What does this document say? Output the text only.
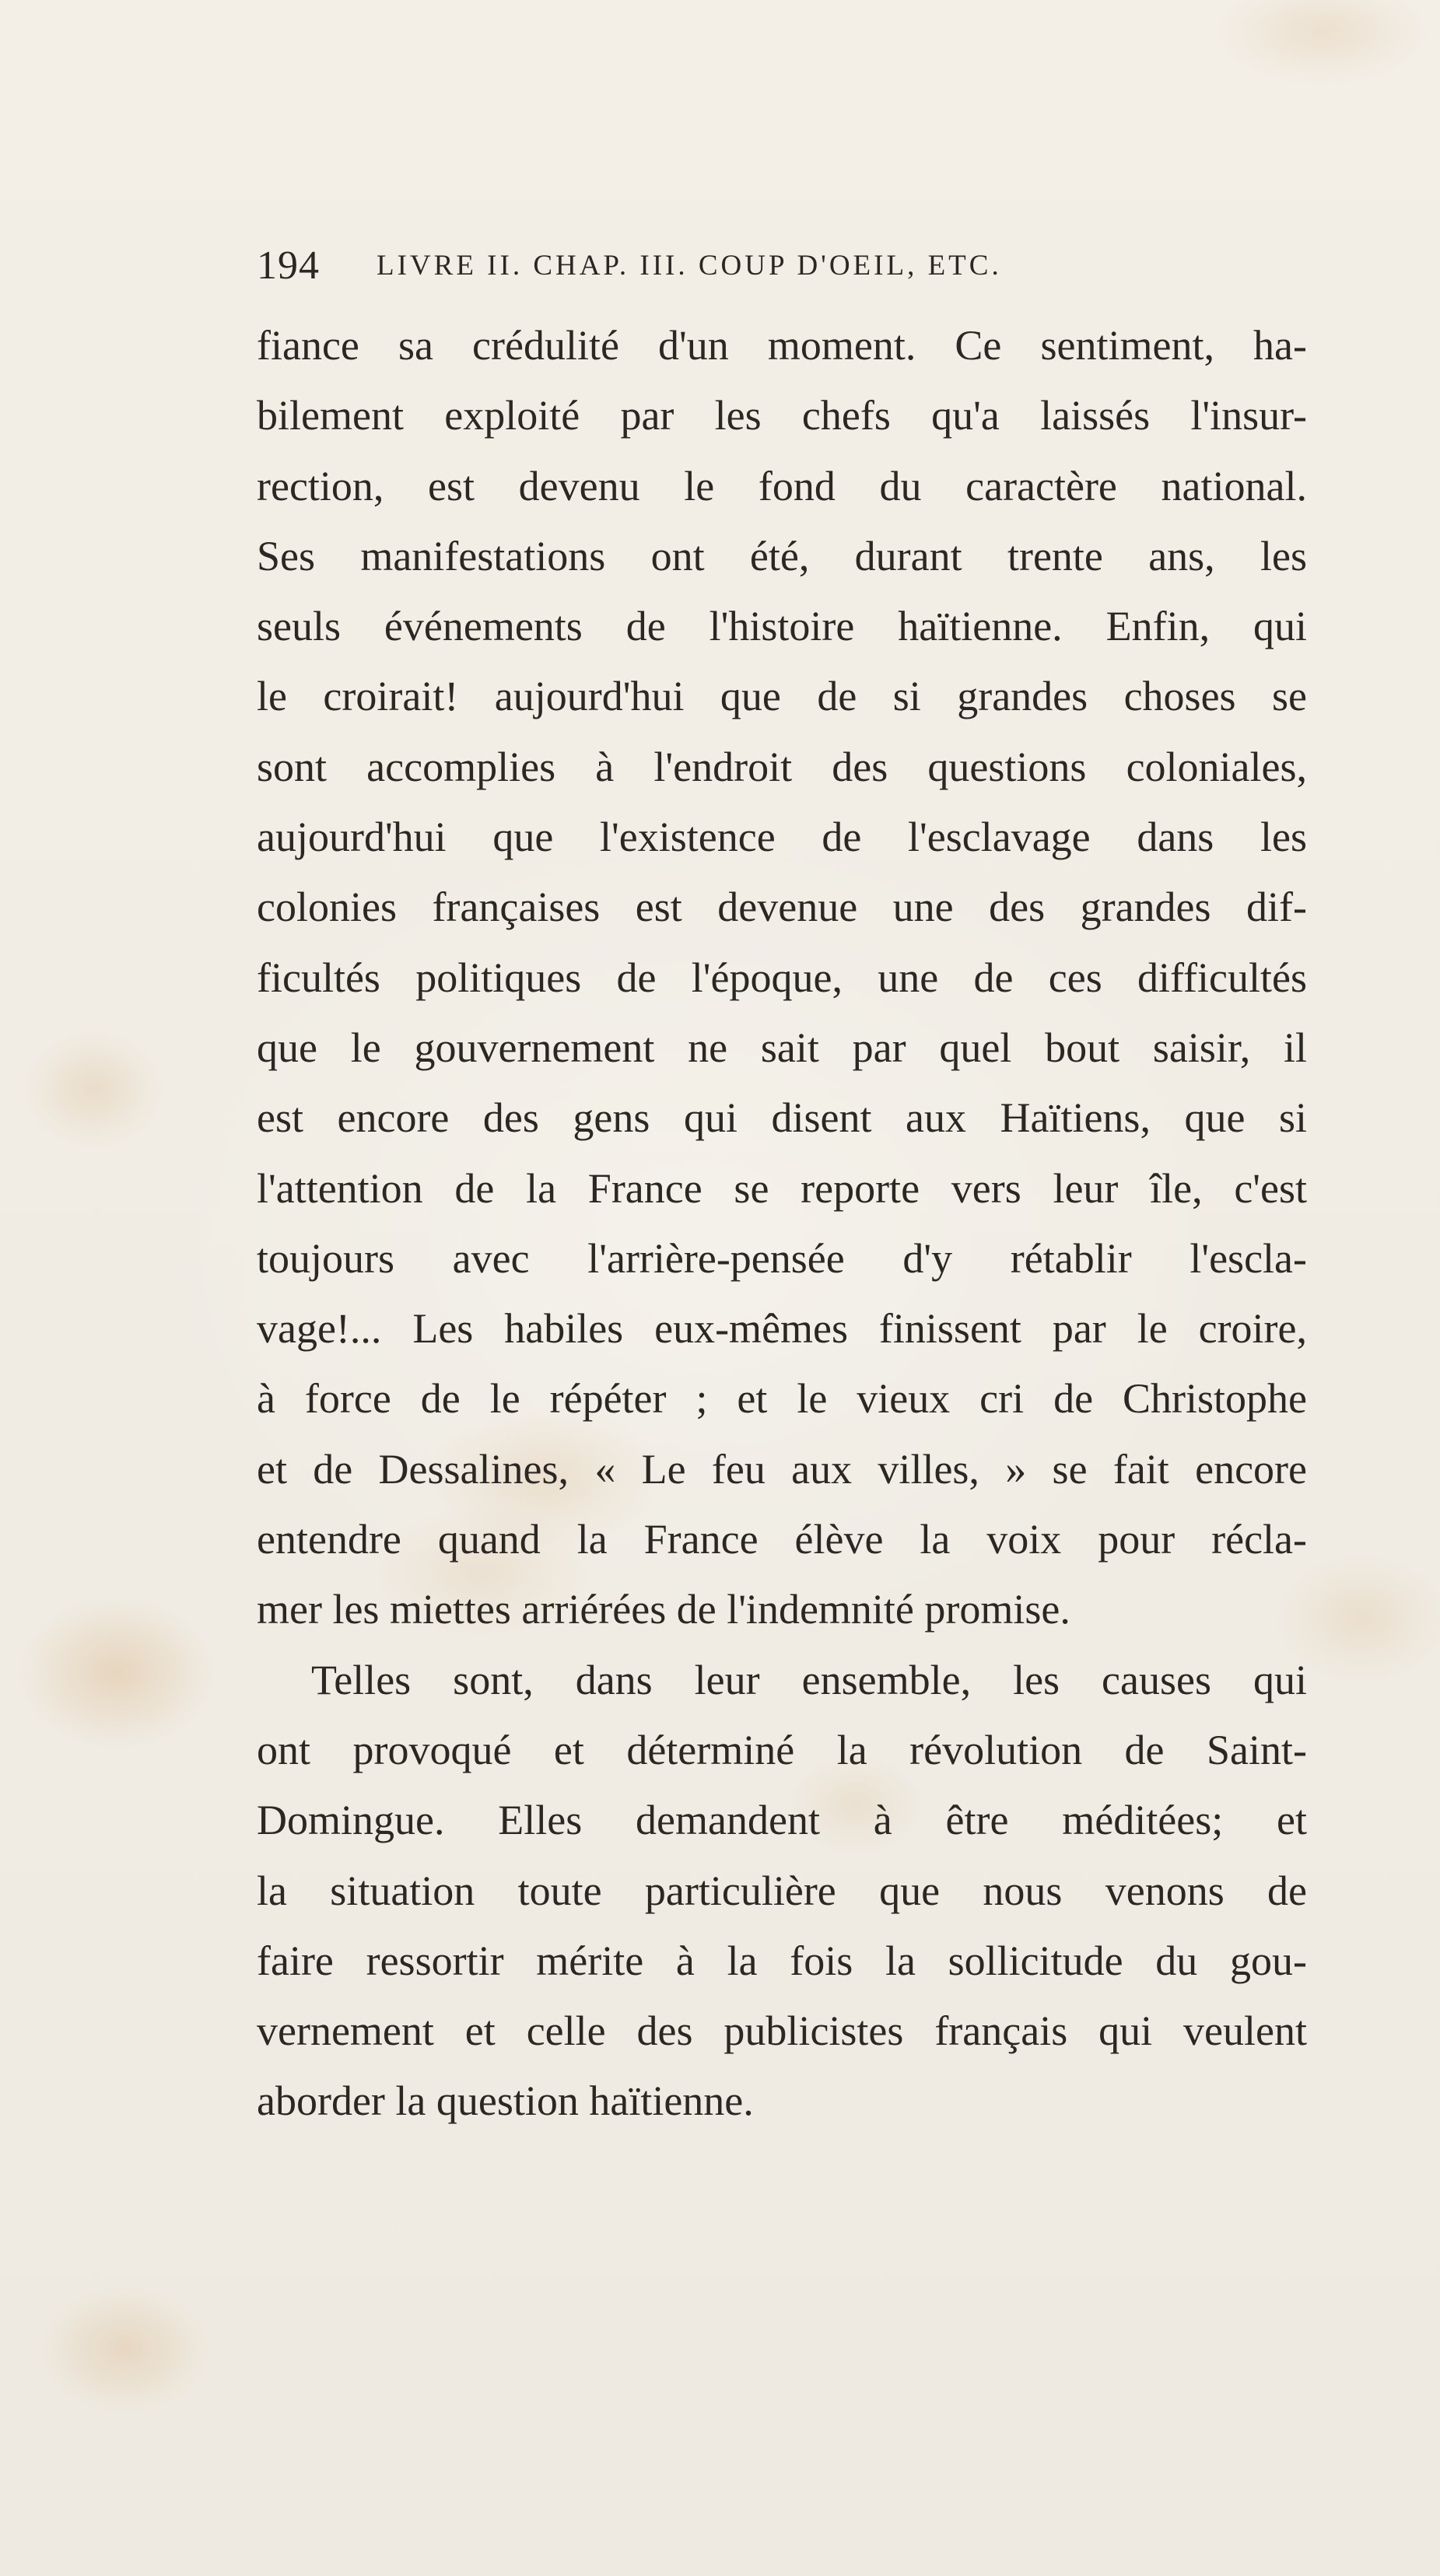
194 LIVRE II. CHAP. III. COUP D'OEIL, ETC.
fiance sa crédulité d'un moment. Ce sentiment, ha-
bilement exploité par les chefs qu'a laissés l'insur-
rection, est devenu le fond du caractère national.
Ses manifestations ont été, durant trente ans, les
seuls événements de l'histoire haïtienne. Enfin, qui
le croirait! aujourd'hui que de si grandes choses se
sont accomplies à l'endroit des questions coloniales,
aujourd'hui que l'existence de l'esclavage dans les
colonies françaises est devenue une des grandes dif-
ficultés politiques de l'époque, une de ces difficultés
que le gouvernement ne sait par quel bout saisir, il
est encore des gens qui disent aux Haïtiens, que si
l'attention de la France se reporte vers leur île, c'est
toujours avec l'arrière-pensée d'y rétablir l'escla-
vage!... Les habiles eux-mêmes finissent par le croire,
à force de le répéter ; et le vieux cri de Christophe
et de Dessalines, « Le feu aux villes, » se fait encore
entendre quand la France élève la voix pour récla-
mer les miettes arriérées de l'indemnité promise.
Telles sont, dans leur ensemble, les causes qui
ont provoqué et déterminé la révolution de Saint-
Domingue. Elles demandent à être méditées; et
la situation toute particulière que nous venons de
faire ressortir mérite à la fois la sollicitude du gou-
vernement et celle des publicistes français qui veulent
aborder la question haïtienne.
